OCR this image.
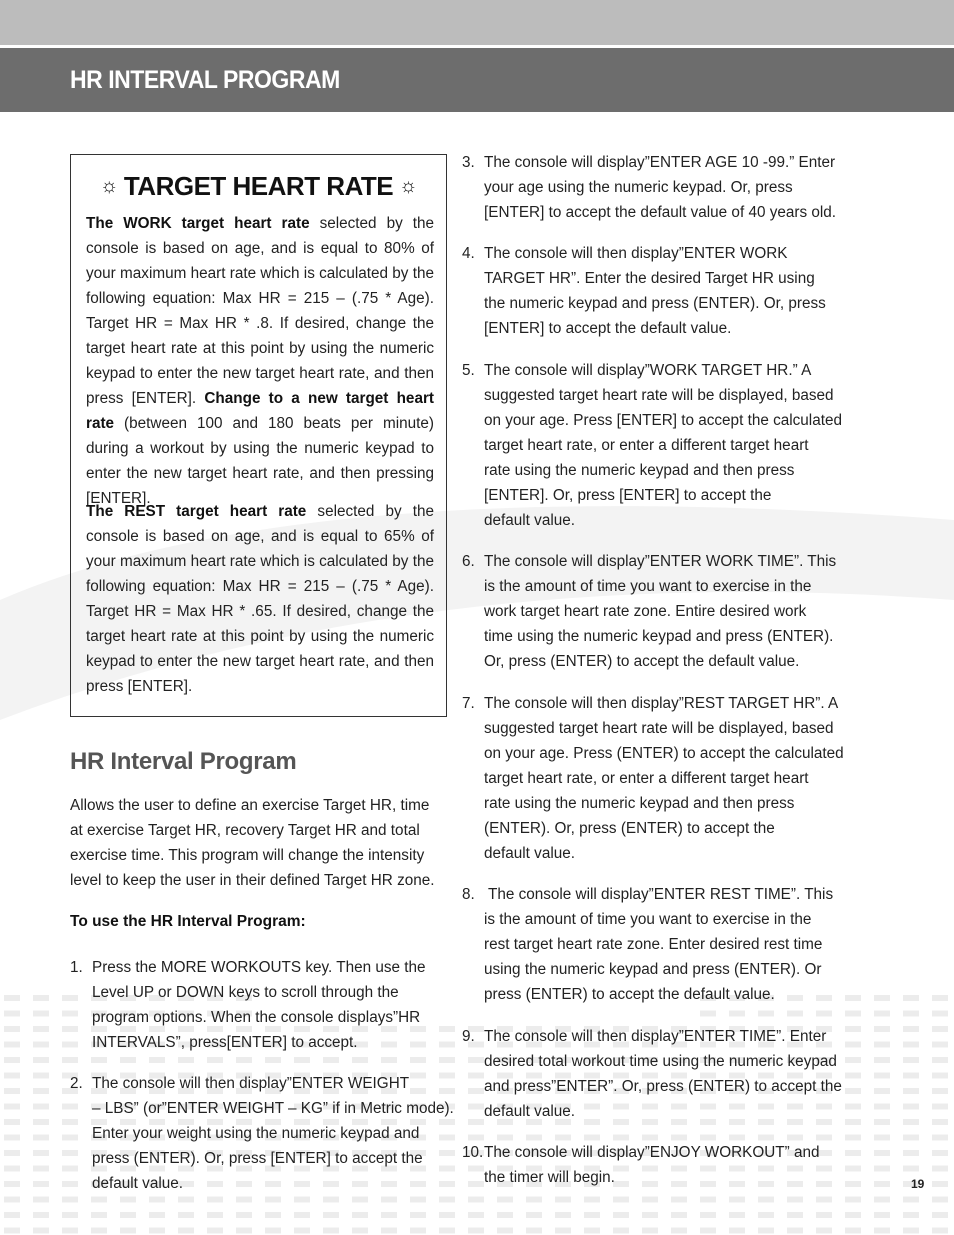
HR INTERVAL PROGRAM
☼ TARGET HEART RATE ☼
The WORK target heart rate selected by the console is based on age, and is equal to 80% of your maximum heart rate which is calculated by the following equation: Max HR = 215 – (.75 * Age). Target HR = Max HR * .8. If desired, change the target heart rate at this point by using the numeric keypad to enter the new target heart rate, and then press [ENTER]. Change to a new target heart rate (between 100 and 180 beats per minute) during a workout by using the numeric keypad to enter the new target heart rate, and then pressing [ENTER].
The REST target heart rate selected by the console is based on age, and is equal to 65% of your maximum heart rate which is calculated by the following equation: Max HR = 215 – (.75 * Age). Target HR = Max HR * .65. If desired, change the target heart rate at this point by using the numeric keypad to enter the new target heart rate, and then press [ENTER].
HR Interval Program
Allows the user to define an exercise Target HR, time at exercise Target HR, recovery Target HR and total exercise time. This program will change the intensity level to keep the user in their defined Target HR zone.
To use the HR Interval Program:
1. Press the MORE WORKOUTS key. Then use the
Level UP or DOWN keys to scroll through the
program options. When the console displays”HR
INTERVALS”, press[ENTER] to accept.
2. The console will then display”ENTER WEIGHT
– LBS” (or”ENTER WEIGHT – KG” if in Metric mode).
Enter your weight using the numeric keypad and
press (ENTER). Or, press [ENTER] to accept the
default value.
3. The console will display”ENTER AGE 10 -99.” Enter
your age using the numeric keypad. Or, press
[ENTER] to accept the default value of 40 years old.
4. The console will then display”ENTER WORK
TARGET HR”. Enter the desired Target HR using
the numeric keypad and press (ENTER). Or, press
[ENTER] to accept the default value.
5. The console will display”WORK TARGET HR.” A
suggested target heart rate will be displayed, based
on your age. Press [ENTER] to accept the calculated
target heart rate, or enter a different target heart
rate using the numeric keypad and then press
[ENTER]. Or, press [ENTER] to accept the
default value.
6. The console will display”ENTER WORK TIME”. This
is the amount of time you want to exercise in the
work target heart rate zone. Entire desired work
time using the numeric keypad and press (ENTER).
Or, press (ENTER) to accept the default value.
7. The console will then display”REST TARGET HR”. A
suggested target heart rate will be displayed, based
on your age. Press (ENTER) to accept the calculated
target heart rate, or enter a different target heart
rate using the numeric keypad and then press
(ENTER). Or, press (ENTER) to accept the
default value.
8. The console will display”ENTER REST TIME”. This
is the amount of time you want to exercise in the
rest target heart rate zone. Enter desired rest time
using the numeric keypad and press (ENTER). Or
press (ENTER) to accept the default value.
9. The console will then display”ENTER TIME”. Enter
desired total workout time using the numeric keypad
and press”ENTER”. Or, press (ENTER) to accept the
default value.
10. The console will display”ENJOY WORKOUT” and
the timer will begin.	19
